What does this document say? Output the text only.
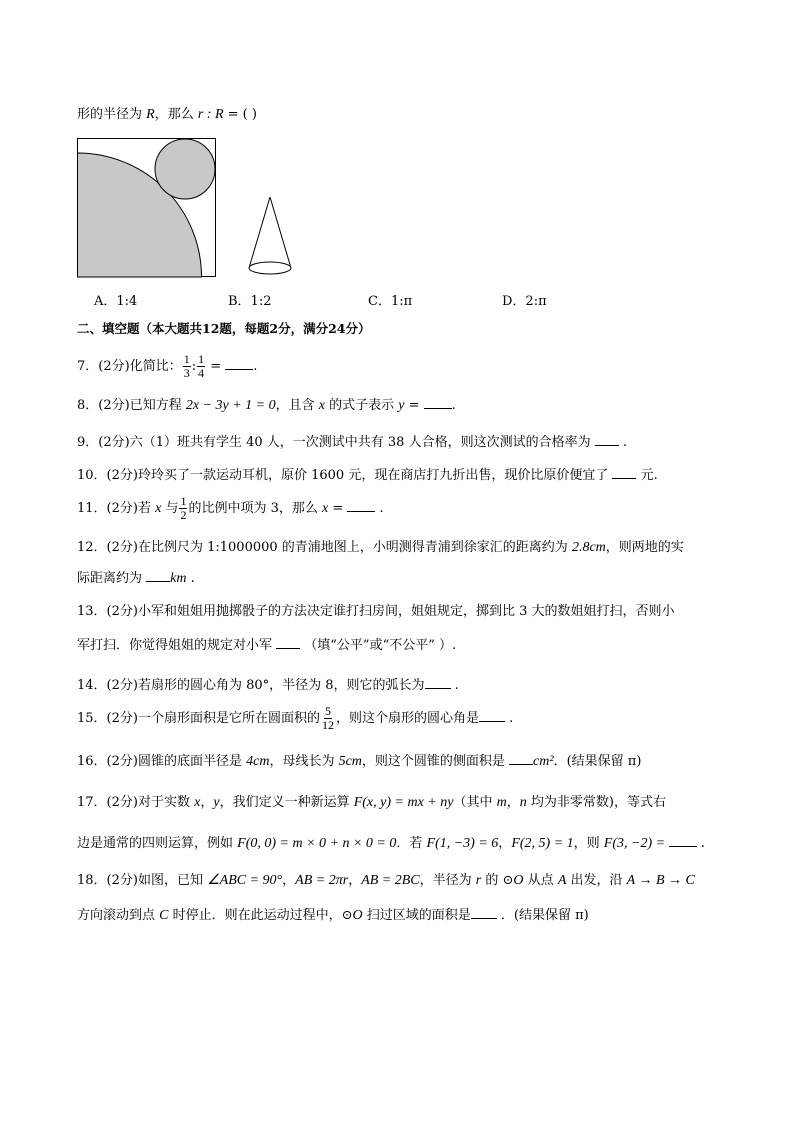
形的半径为 R，那么 r : R = ( )
A．1:4	B．1:2	C．1:π	D．2:π
二、填空题（本大题共12题，每题2分，满分24分）
7．(2分)化简比： $\frac{1}{3}$ : $\frac{1}{4}$ = .
8．(2分)已知方程 2x − 3y + 1 = 0，且含 x 的式子表示 y = .
9．(2分)六（1）班共有学生 40 人，一次测试中共有 38 人合格，则这次测试的合格率为  .
10．(2分)玲玲买了一款运动耳机，原价 1600 元，现在商店打九折出售，现价比原价便宜了  元.
11．(2分)若 x 与 $\frac{1}{2}$ 的比例中项为 3，那么 x =  .
12．(2分)在比例尺为 1:1000000 的青浦地图上，小明测得青浦到徐家汇的距离约为 2.8cm，则两地的实
际距离约为 km .
13．(2分)小军和姐姐用抛掷骰子的方法决定谁打扫房间，姐姐规定，掷到比 3 大的数姐姐打扫，否则小
军打扫．你觉得姐姐的规定对小军  （填“公平”或“不公平” ）.
14．(2分)若扇形的圆心角为 80°，半径为 8，则它的弧长为 .
15．(2分)一个扇形面积是它所在圆面积的 $\frac{5}{12}$ ，则这个扇形的圆心角是 .
16．(2分)圆锥的底面半径是 4cm，母线长为 5cm，则这个圆锥的侧面积是 cm²．(结果保留 π)
17．(2分)对于实数 x，y，我们定义一种新运算 F(x, y) = mx + ny（其中 m，n 均为非零常数)，等式右
边是通常的四则运算，例如 F(0, 0) = m × 0 + n × 0 = 0．若 F(1, −3) = 6，F(2, 5) = 1，则 F(3, −2) =  .
18．(2分)如图，已知 ∠ABC = 90°，AB = 2πr，AB = 2BC，半径为 r 的 ⊙O 从点 A 出发，沿 A → B → C
方向滚动到点 C 时停止．则在此运动过程中，⊙O 扫过区域的面积是 ．(结果保留 π)
